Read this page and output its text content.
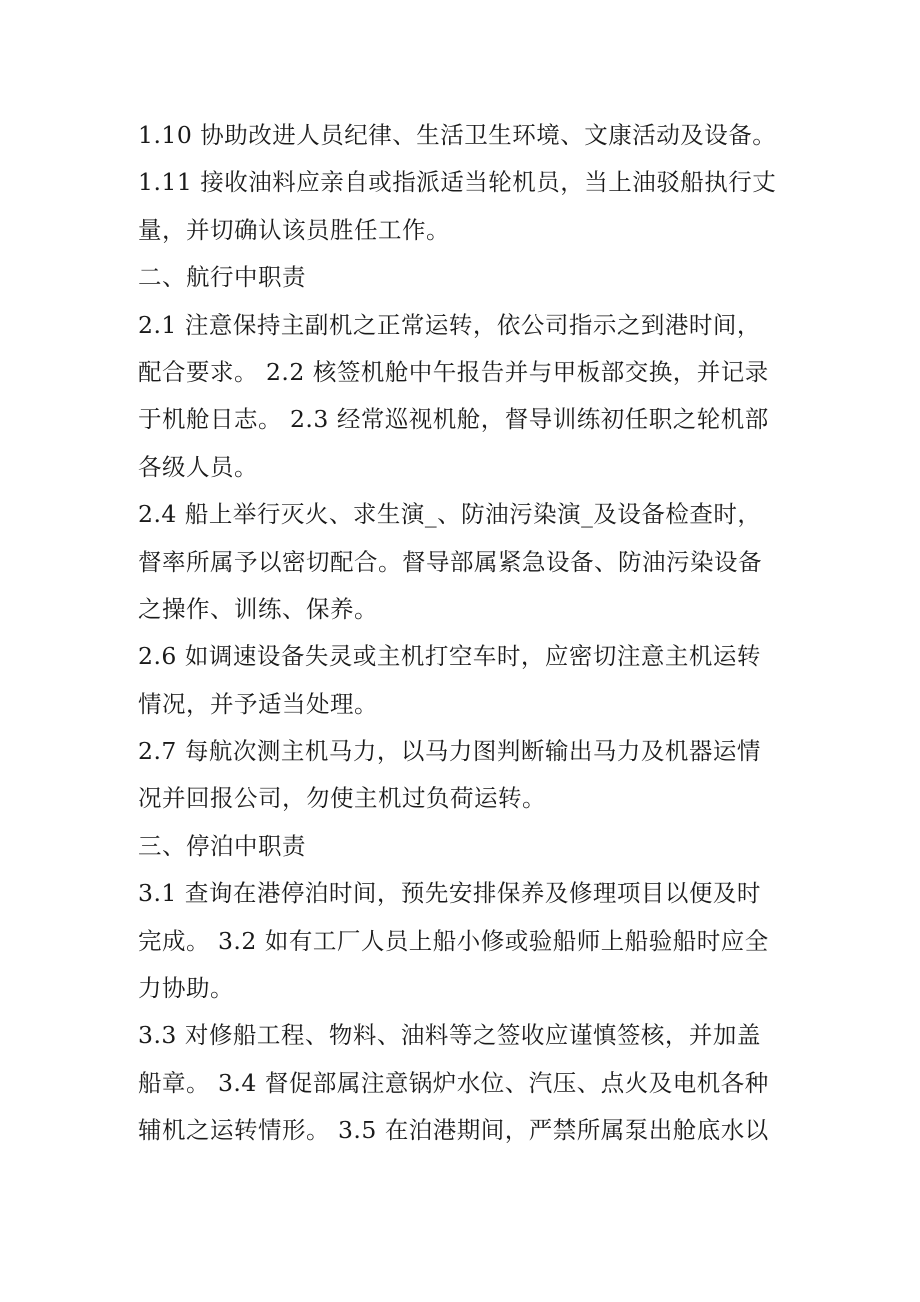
1.10 协助改进人员纪律、生活卫生环境、文康活动及设备。
1.11 接收油料应亲自或指派适当轮机员，当上油驳船执行丈
量，并切确认该员胜任工作。
二、航行中职责
2.1 注意保持主副机之正常运转，依公司指示之到港时间，
配合要求。 2.2 核签机舱中午报告并与甲板部交换，并记录
于机舱日志。 2.3 经常巡视机舱，督导训练初任职之轮机部
各级人员。
2.4 船上举行灭火、求生演_、防油污染演_及设备检查时，
督率所属予以密切配合。督导部属紧急设备、防油污染设备
之操作、训练、保养。
2.6 如调速设备失灵或主机打空车时，应密切注意主机运转
情况，并予适当处理。
2.7 每航次测主机马力，以马力图判断输出马力及机器运情
况并回报公司，勿使主机过负荷运转。
三、停泊中职责
3.1 查询在港停泊时间，预先安排保养及修理项目以便及时
完成。 3.2 如有工厂人员上船小修或验船师上船验船时应全
力协助。
3.3 对修船工程、物料、油料等之签收应谨慎签核，并加盖
船章。 3.4 督促部属注意锅炉水位、汽压、点火及电机各种
辅机之运转情形。 3.5 在泊港期间，严禁所属泵出舱底水以
